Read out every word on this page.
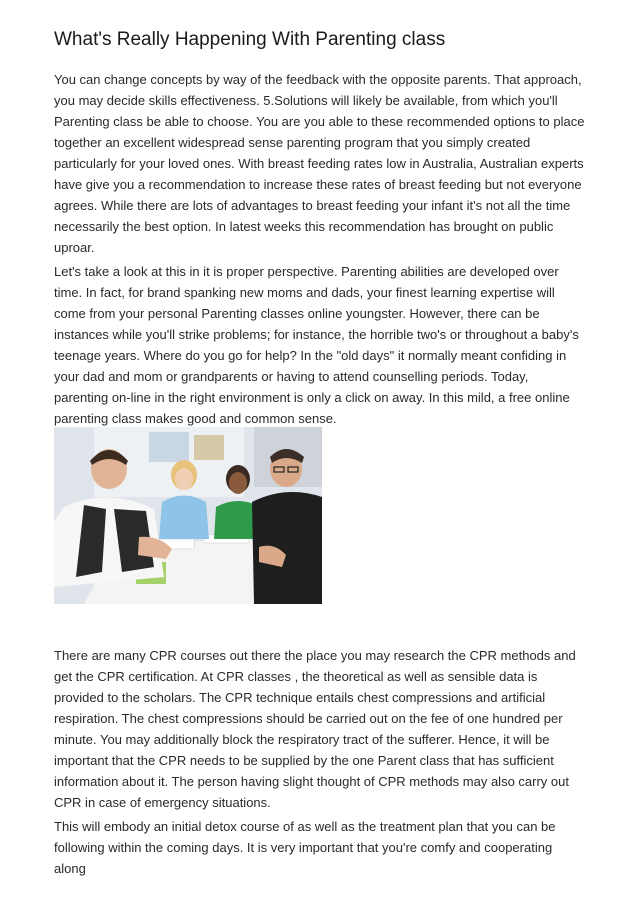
What's Really Happening With Parenting class

You can change concepts by way of the feedback with the opposite parents. That approach, you may decide skills effectiveness. 5.Solutions will likely be available, from which you'll Parenting class be able to choose. You are you able to these recommended options to place together an excellent widespread sense parenting program that you simply created particularly for your loved ones. With breast feeding rates low in Australia, Australian experts have give you a recommendation to increase these rates of breast feeding but not everyone agrees. While there are lots of advantages to breast feeding your infant it's not all the time necessarily the best option. In latest weeks this recommendation has brought on public uproar.

Let's take a look at this in it is proper perspective. Parenting abilities are developed over time. In fact, for brand spanking new moms and dads, your finest learning expertise will come from your personal Parenting classes online youngster. However, there can be instances while you'll strike problems; for instance, the horrible two's or throughout a baby's teenage years. Where do you go for help? In the "old days" it normally meant confiding in your dad and mom or grandparents or having to attend counselling periods. Today, parenting on-line in the right environment is only a click on away. In this mild, a free online parenting class makes good and common sense.

There are many CPR courses out there the place you may research the CPR methods and get the CPR certification. At CPR classes , the theoretical as well as sensible data is provided to the scholars. The CPR technique entails chest compressions and artificial respiration. The chest compressions should be carried out on the fee of one hundred per minute. You may additionally block the respiratory tract of the sufferer. Hence, it will be important that the CPR needs to be supplied by the one Parent class that has sufficient information about it. The person having slight thought of CPR methods may also carry out CPR in case of emergency situations.

This will embody an initial detox course of as well as the treatment plan that you can be following within the coming days. It is very important that you're comfy and cooperating along
